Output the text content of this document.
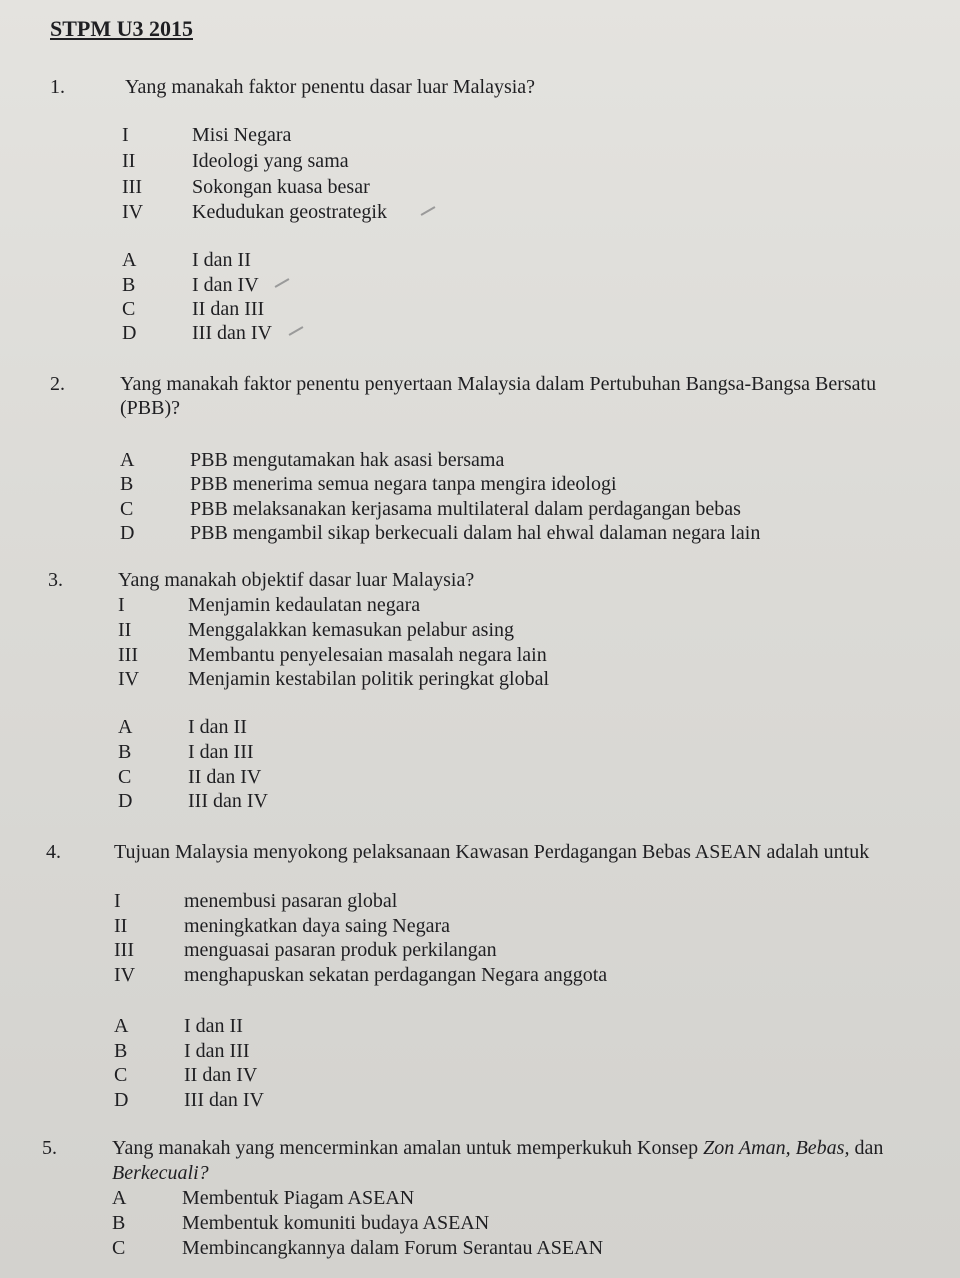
STPM U3 2015
1.	Yang manakah faktor penentu dasar luar Malaysia?
I	Misi Negara
II	Ideologi yang sama
III	Sokongan kuasa besar
IV Kedudukan geostrategik
A	I dan II
B	I dan IV
C	II dan III
D	III dan IV
2.	Yang manakah faktor penentu penyertaan Malaysia dalam Pertubuhan Bangsa-Bangsa Bersatu
(PBB)?
A	PBB mengutamakan hak asasi bersama
B	PBB menerima semua negara tanpa mengira ideologi
C	PBB melaksanakan kerjasama multilateral dalam perdagangan bebas
D	PBB mengambil sikap berkecuali dalam hal ehwal dalaman negara lain
3.	Yang manakah objektif dasar luar Malaysia?
I	Menjamin kedaulatan negara
II	Menggalakkan kemasukan pelabur asing
III	Membantu penyelesaian masalah negara lain
IV Menjamin kestabilan politik peringkat global
A	I dan II
B	I dan III
C	II dan IV
D	III dan IV
4.	Tujuan Malaysia menyokong pelaksanaan Kawasan Perdagangan Bebas ASEAN adalah untuk
I	menembusi pasaran global
II	meningkatkan daya saing Negara
III	menguasai pasaran produk perkilangan
IV menghapuskan sekatan perdagangan Negara anggota
A	I dan II
B	I dan III
C	II dan IV
D	III dan IV
5.	Yang manakah yang mencerminkan amalan untuk memperkukuh Konsep Zon Aman, Bebas, dan
Berkecuali?
A	Membentuk Piagam ASEAN
B	Membentuk komuniti budaya ASEAN
C	Membincangkannya dalam Forum Serantau ASEAN
